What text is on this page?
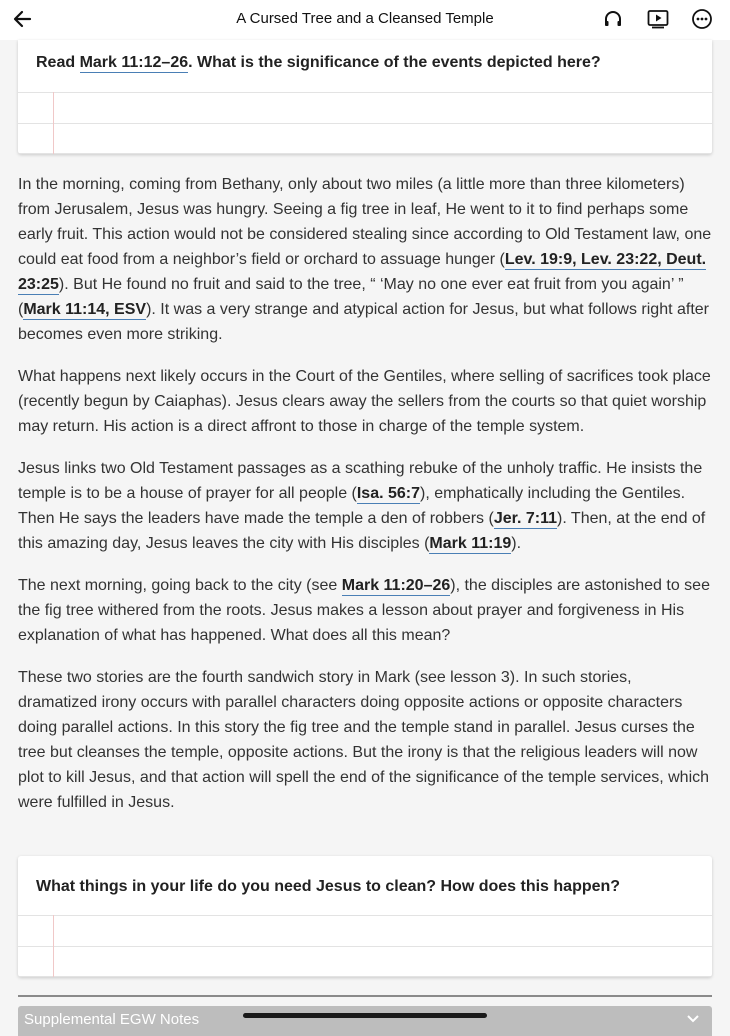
A Cursed Tree and a Cleansed Temple
Read Mark 11:12–26. What is the significance of the events depicted here?

In the morning, coming from Bethany, only about two miles (a little more than three kilometers) from Jerusalem, Jesus was hungry. Seeing a fig tree in leaf, He went to it to find perhaps some early fruit. This action would not be considered stealing since according to Old Testament law, one could eat food from a neighbor’s field or orchard to assuage hunger (Lev. 19:9, Lev. 23:22, Deut. 23:25). But He found no fruit and said to the tree, “ ‘May no one ever eat fruit from you again’ ” (Mark 11:14, ESV). It was a very strange and atypical action for Jesus, but what follows right after becomes even more striking.

What happens next likely occurs in the Court of the Gentiles, where selling of sacrifices took place (recently begun by Caiaphas). Jesus clears away the sellers from the courts so that quiet worship may return. His action is a direct affront to those in charge of the temple system.

Jesus links two Old Testament passages as a scathing rebuke of the unholy traffic. He insists the temple is to be a house of prayer for all people (Isa. 56:7), emphatically including the Gentiles. Then He says the leaders have made the temple a den of robbers (Jer. 7:11). Then, at the end of this amazing day, Jesus leaves the city with His disciples (Mark 11:19).

The next morning, going back to the city (see Mark 11:20–26), the disciples are astonished to see the fig tree withered from the roots. Jesus makes a lesson about prayer and forgiveness in His explanation of what has happened. What does all this mean?

These two stories are the fourth sandwich story in Mark (see lesson 3). In such stories, dramatized irony occurs with parallel characters doing opposite actions or opposite characters doing parallel actions. In this story the fig tree and the temple stand in parallel. Jesus curses the tree but cleanses the temple, opposite actions. But the irony is that the religious leaders will now plot to kill Jesus, and that action will spell the end of the significance of the temple services, which were fulfilled in Jesus.

What things in your life do you need Jesus to clean? How does this happen?
Supplemental EGW Notes
